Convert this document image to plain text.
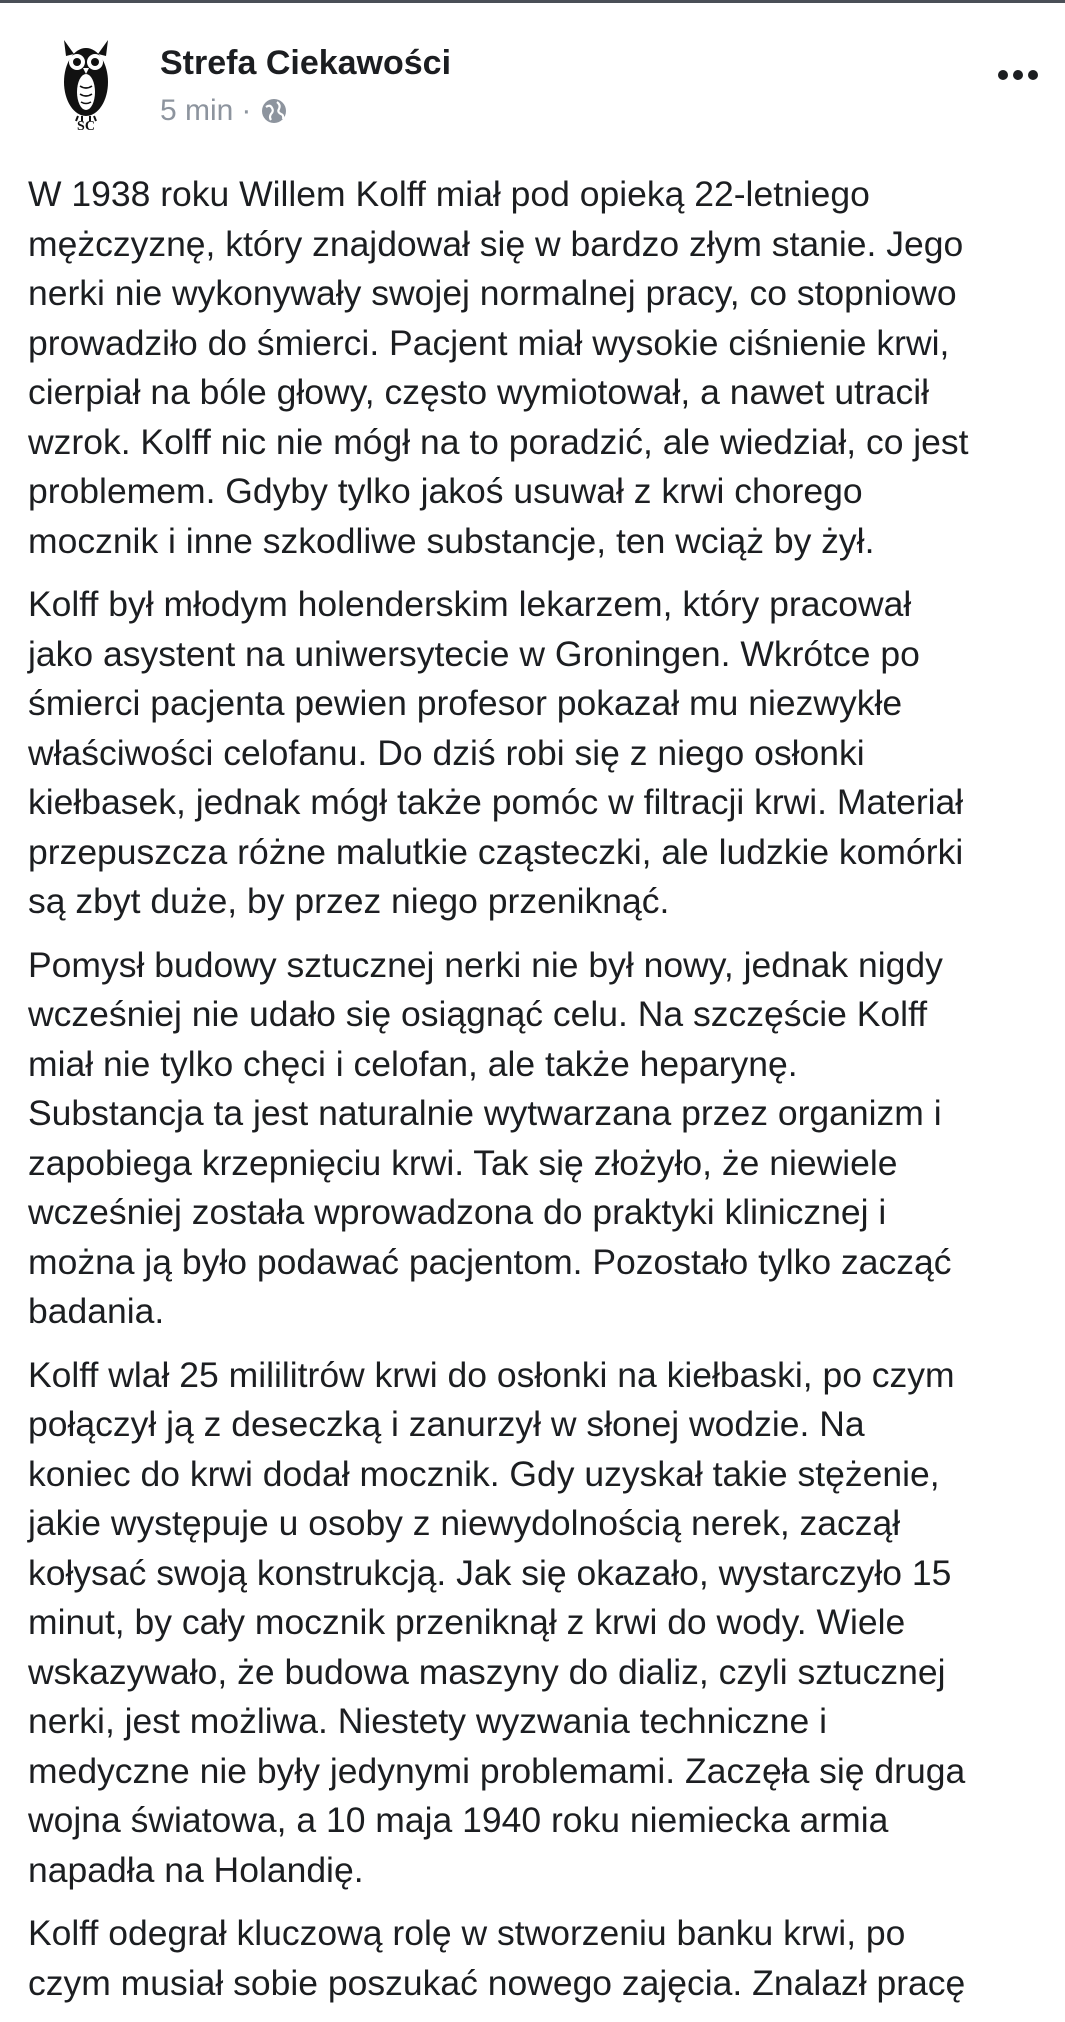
SC
Strefa Ciekawości
5 min ·

W 1938 roku Willem Kolff miał pod opieką 22-letniego
mężczyznę, który znajdował się w bardzo złym stanie. Jego
nerki nie wykonywały swojej normalnej pracy, co stopniowo
prowadziło do śmierci. Pacjent miał wysokie ciśnienie krwi,
cierpiał na bóle głowy, często wymiotował, a nawet utracił
wzrok. Kolff nic nie mógł na to poradzić, ale wiedział, co jest
problemem. Gdyby tylko jakoś usuwał z krwi chorego
mocznik i inne szkodliwe substancje, ten wciąż by żył.

Kolff był młodym holenderskim lekarzem, który pracował
jako asystent na uniwersytecie w Groningen. Wkrótce po
śmierci pacjenta pewien profesor pokazał mu niezwykłe
właściwości celofanu. Do dziś robi się z niego osłonki
kiełbasek, jednak mógł także pomóc w filtracji krwi. Materiał
przepuszcza różne malutkie cząsteczki, ale ludzkie komórki
są zbyt duże, by przez niego przeniknąć.

Pomysł budowy sztucznej nerki nie był nowy, jednak nigdy
wcześniej nie udało się osiągnąć celu. Na szczęście Kolff
miał nie tylko chęci i celofan, ale także heparynę.
Substancja ta jest naturalnie wytwarzana przez organizm i
zapobiega krzepnięciu krwi. Tak się złożyło, że niewiele
wcześniej została wprowadzona do praktyki klinicznej i
można ją było podawać pacjentom. Pozostało tylko zacząć
badania.

Kolff wlał 25 mililitrów krwi do osłonki na kiełbaski, po czym
połączył ją z deseczką i zanurzył w słonej wodzie. Na
koniec do krwi dodał mocznik. Gdy uzyskał takie stężenie,
jakie występuje u osoby z niewydolnością nerek, zaczął
kołysać swoją konstrukcją. Jak się okazało, wystarczyło 15
minut, by cały mocznik przeniknął z krwi do wody. Wiele
wskazywało, że budowa maszyny do dializ, czyli sztucznej
nerki, jest możliwa. Niestety wyzwania techniczne i
medyczne nie były jedynymi problemami. Zaczęła się druga
wojna światowa, a 10 maja 1940 roku niemiecka armia
napadła na Holandię.

Kolff odegrał kluczową rolę w stworzeniu banku krwi, po
czym musiał sobie poszukać nowego zajęcia. Znalazł pracę
